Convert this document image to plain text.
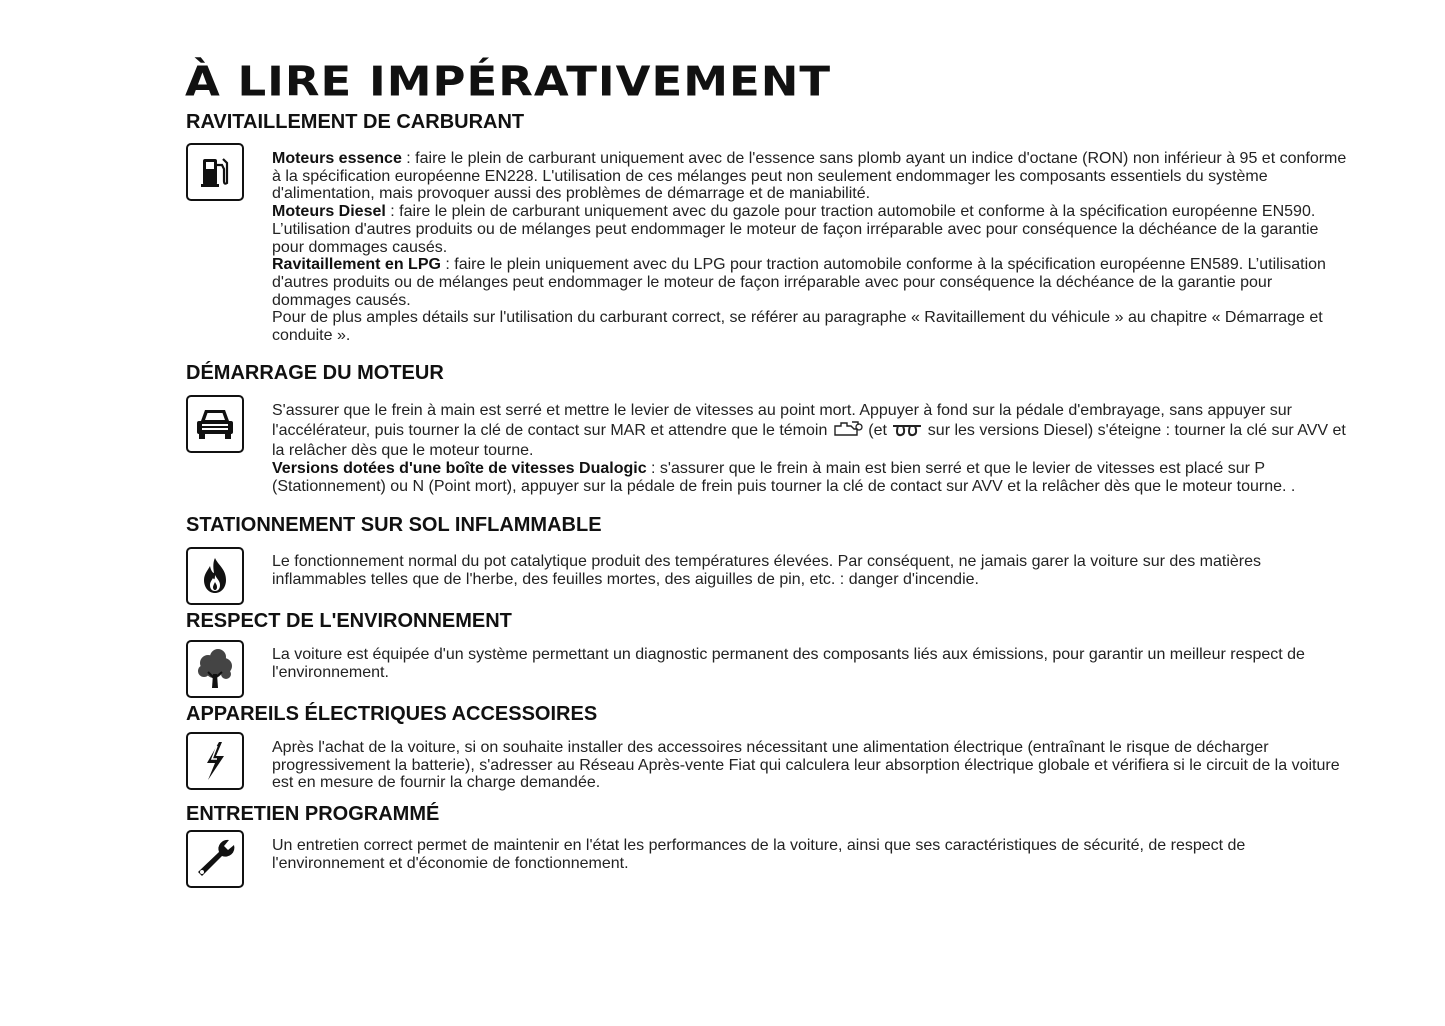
À LIRE IMPÉRATIVEMENT
RAVITAILLEMENT DE CARBURANT

Moteurs essence : faire le plein de carburant uniquement avec de l'essence sans plomb ayant un indice d'octane (RON) non inférieur à 95 et conforme à la spécification européenne EN228. L'utilisation de ces mélanges peut non seulement endommager les composants essentiels du système d'alimentation, mais provoquer aussi des problèmes de démarrage et de maniabilité.

Moteurs Diesel : faire le plein de carburant uniquement avec du gazole pour traction automobile et conforme à la spécification européenne EN590. L’utilisation d'autres produits ou de mélanges peut endommager le moteur de façon irréparable avec pour conséquence la déchéance de la garantie pour dommages causés.

Ravitaillement en LPG : faire le plein uniquement avec du LPG pour traction automobile conforme à la spécification européenne EN589. L’utilisation d'autres produits ou de mélanges peut endommager le moteur de façon irréparable avec pour conséquence la déchéance de la garantie pour dommages causés.

Pour de plus amples détails sur l'utilisation du carburant correct, se référer au paragraphe « Ravitaillement du véhicule » au chapitre « Démarrage et conduite ».

DÉMARRAGE DU MOTEUR

S'assurer que le frein à main est serré et mettre le levier de vitesses au point mort. Appuyer à fond sur la pédale d'embrayage, sans appuyer sur l'accélérateur, puis tourner la clé de contact sur MAR et attendre que le témoin  (et  sur les versions Diesel) s'éteigne : tourner la clé sur AVV et la relâcher dès que le moteur tourne.

Versions dotées d'une boîte de vitesses Dualogic : s'assurer que le frein à main est bien serré et que le levier de vitesses est placé sur P (Stationnement) ou N (Point mort), appuyer sur la pédale de frein puis tourner la clé de contact sur AVV et la relâcher dès que le moteur tourne. .

STATIONNEMENT SUR SOL INFLAMMABLE

Le fonctionnement normal du pot catalytique produit des températures élevées. Par conséquent, ne jamais garer la voiture sur des matières inflammables telles que de l'herbe, des feuilles mortes, des aiguilles de pin, etc. : danger d'incendie.

RESPECT DE L'ENVIRONNEMENT

La voiture est équipée d'un système permettant un diagnostic permanent des composants liés aux émissions, pour garantir un meilleur respect de l'environnement.

APPAREILS ÉLECTRIQUES ACCESSOIRES

Après l'achat de la voiture, si on souhaite installer des accessoires nécessitant une alimentation électrique (entraînant le risque de décharger progressivement la batterie), s'adresser au Réseau Après-vente Fiat qui calculera leur absorption électrique globale et vérifiera si le circuit de la voiture est en mesure de fournir la charge demandée.

ENTRETIEN PROGRAMMÉ

Un entretien correct permet de maintenir en l'état les performances de la voiture, ainsi que ses caractéristiques de sécurité, de respect de l'environnement et d'économie de fonctionnement.
